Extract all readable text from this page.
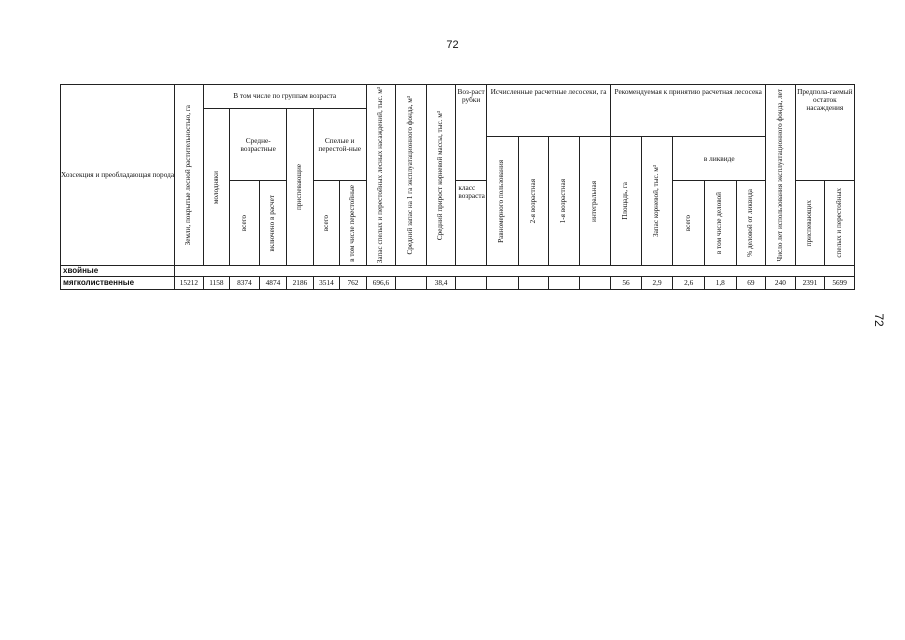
72
72
Хозсекция и преобладающая порода	Земли, покрытые лесной растительностью, га	В том числе по группам возраста						Запас спелых и перестойных лесных насаждений, тыс. м³	Средний запас на 1 га эксплуатационного фонда, м³	Средний прирост корневой массы, тыс. м³	Воз-раст рубки	Исчисленные расчетные лесосеки, га				Рекомендуемая к принятию расчетная лесосека					Число лет использования эксплуатационного фонда, лет	Предпола-гаемый остаток насаждения	

		молодняки	Средне-возрастные		приспевающие	Спелые и перестой-ные																	

												Равномерного пользования	2-я возрастная	1-я возрастная	интегральная	Площадь, га	Запас корневой, тыс. м³	в ликвиде					

			всего	включено в расчет		всего	в том числе перестойные				класс возраста							всего	в том числе деловой	% деловой от ликвида		приспевающих	спелых и перестойных

хвойные																							
мягколиственные	15212	1158	8374	4874	2186	3514	762	696,6		38,4						56	2,9	2,6	1,8	69	240	2391	5699
